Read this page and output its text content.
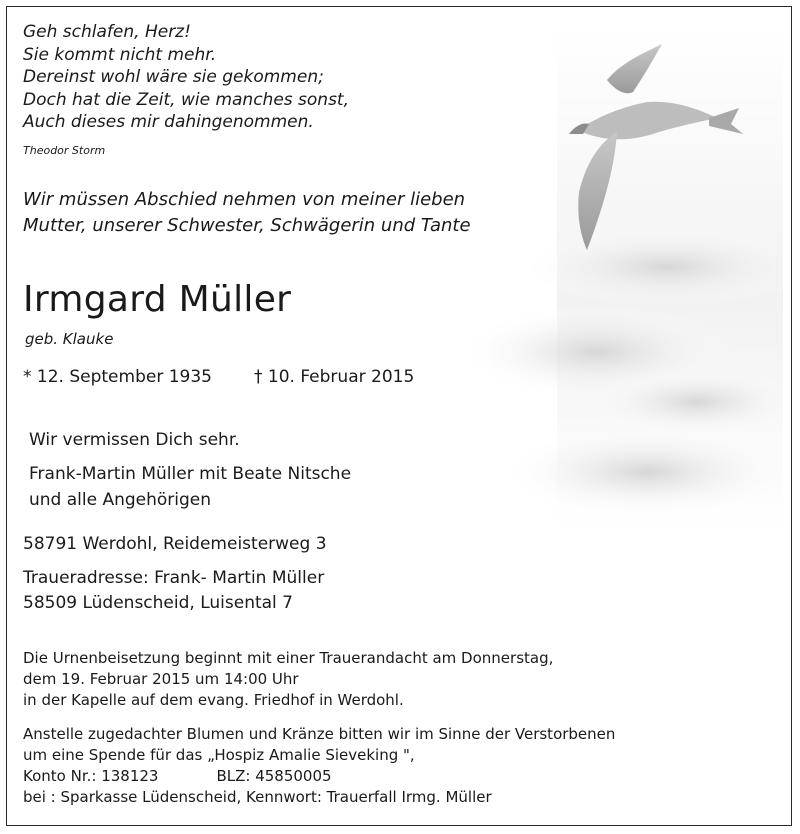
Geh schlafen, Herz!
Sie kommt nicht mehr.
Dereinst wohl wäre sie gekommen;
Doch hat die Zeit, wie manches sonst,
Auch dieses mir dahingenommen.
Theodor Storm
Wir müssen Abschied nehmen von meiner lieben
Mutter, unserer Schwester, Schwägerin und Tante
Irmgard Müller
geb. Klauke
* 12. September 1935 † 10. Februar 2015
Wir vermissen Dich sehr.
Frank-Martin Müller mit Beate Nitsche
und alle Angehörigen
58791 Werdohl, Reidemeisterweg 3
Traueradresse: Frank- Martin Müller
58509 Lüdenscheid, Luisental 7
Die Urnenbeisetzung beginnt mit einer Trauerandacht am Donnerstag,
dem 19. Februar 2015 um 14:00 Uhr
in der Kapelle auf dem evang. Friedhof in Werdohl.
Anstelle zugedachter Blumen und Kränze bitten wir im Sinne der Verstorbenen
um eine Spende für das „Hospiz Amalie Sieveking ",
Konto Nr.: 138123	BLZ: 45850005
bei : Sparkasse Lüdenscheid, Kennwort: Trauerfall Irmg. Müller
